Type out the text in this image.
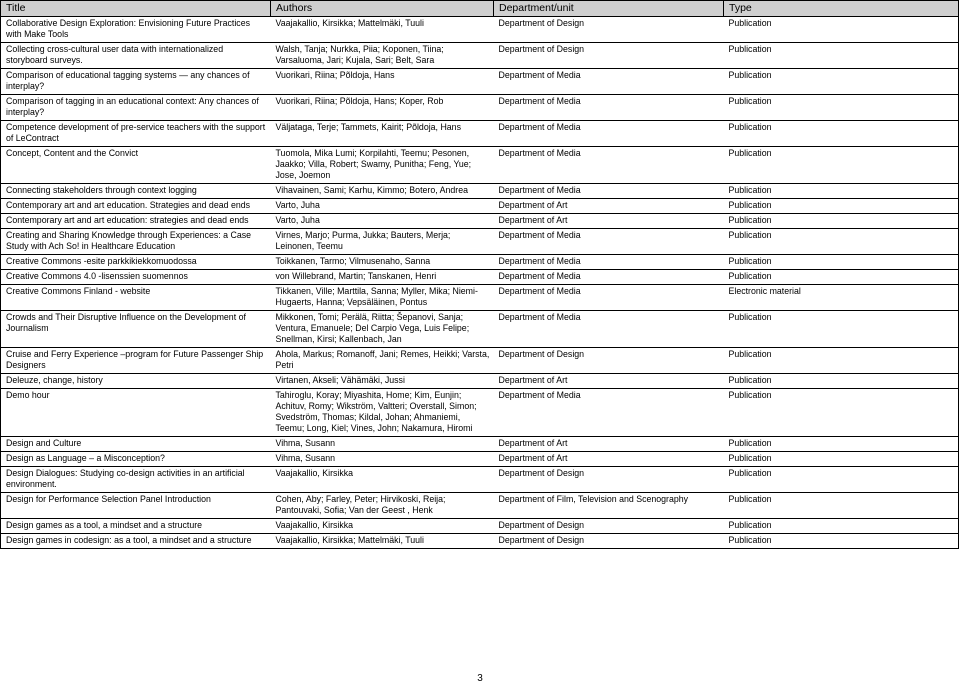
Title	Authors	Department/unit	Type
Collaborative Design Exploration: Envisioning Future Practices with Make Tools	Vaajakallio, Kirsikka; Mattelmäki, Tuuli	Department of Design	Publication
Collecting cross-cultural user data with internationalized storyboard surveys.	Walsh, Tanja; Nurkka, Piia; Koponen, Tiina; Varsaluoma, Jari; Kujala, Sari; Belt, Sara	Department of Design	Publication
Comparison of educational tagging systems — any chances of interplay?	Vuorikari, Riina; Põldoja, Hans	Department of Media	Publication
Comparison of tagging in an educational context: Any chances of interplay?	Vuorikari, Riina; Põldoja, Hans; Koper, Rob	Department of Media	Publication
Competence development of pre-service teachers with the support of LeContract	Väljataga, Terje; Tammets, Kairit; Põldoja, Hans	Department of Media	Publication
Concept, Content and the Convict	Tuomola, Mika Lumi; Korpilahti, Teemu; Pesonen, Jaakko; Villa, Robert; Swamy, Punitha; Feng, Yue; Jose, Joemon	Department of Media	Publication
Connecting stakeholders through context logging	Vihavainen, Sami; Karhu, Kimmo; Botero, Andrea	Department of Media	Publication
Contemporary art and art education. Strategies and dead ends	Varto, Juha	Department of Art	Publication
Contemporary art and art education: strategies and dead ends	Varto, Juha	Department of Art	Publication
Creating and Sharing Knowledge through Experiences: a Case Study with Ach So! in Healthcare Education	Virnes, Marjo; Purma, Jukka; Bauters, Merja; Leinonen, Teemu	Department of Media	Publication
Creative Commons -esite parkkikiekkomuodossa	Toikkanen, Tarmo; Vilmusenaho, Sanna	Department of Media	Publication
Creative Commons 4.0 -lisenssien suomennos	von Willebrand, Martin; Tanskanen, Henri	Department of Media	Publication
Creative Commons Finland - website	Tikkanen, Ville; Marttila, Sanna; Myller, Mika; Niemi-Hugaerts, Hanna; Vepsäläinen, Pontus	Department of Media	Electronic material
Crowds and Their Disruptive Influence on the Development of Journalism	Mikkonen, Tomi; Perälä, Riitta; Šepanovi, Sanja; Ventura, Emanuele; Del Carpio Vega, Luis Felipe; Snellman, Kirsi; Kallenbach, Jan	Department of Media	Publication
Cruise and Ferry Experience –program for Future Passenger Ship Designers	Ahola, Markus; Romanoff, Jani; Remes, Heikki; Varsta, Petri	Department of Design	Publication
Deleuze, change, history	Virtanen, Akseli; Vähämäki, Jussi	Department of Art	Publication
Demo hour	Tahiroglu, Koray; Miyashita, Home; Kim, Eunjin; Achituv, Romy; Wikström, Valtteri; Overstall, Simon; Svedström, Thomas; Kildal, Johan; Ahmaniemi, Teemu; Long, Kiel; Vines, John; Nakamura, Hiromi	Department of Media	Publication
Design and Culture	Vihma, Susann	Department of Art	Publication
Design as Language – a Misconception?	Vihma, Susann	Department of Art	Publication
Design Dialogues: Studying co-design activities in an artificial environment.	Vaajakallio, Kirsikka	Department of Design	Publication
Design for Performance Selection Panel Introduction	Cohen, Aby; Farley, Peter; Hirvikoski, Reija; Pantouvaki, Sofia; Van der Geest , Henk	Department of Film, Television and Scenography	Publication
Design games as a tool, a mindset and a structure	Vaajakallio, Kirsikka	Department of Design	Publication
Design games in codesign: as a tool, a mindset and a structure	Vaajakallio, Kirsikka; Mattelmäki, Tuuli	Department of Design	Publication
3
